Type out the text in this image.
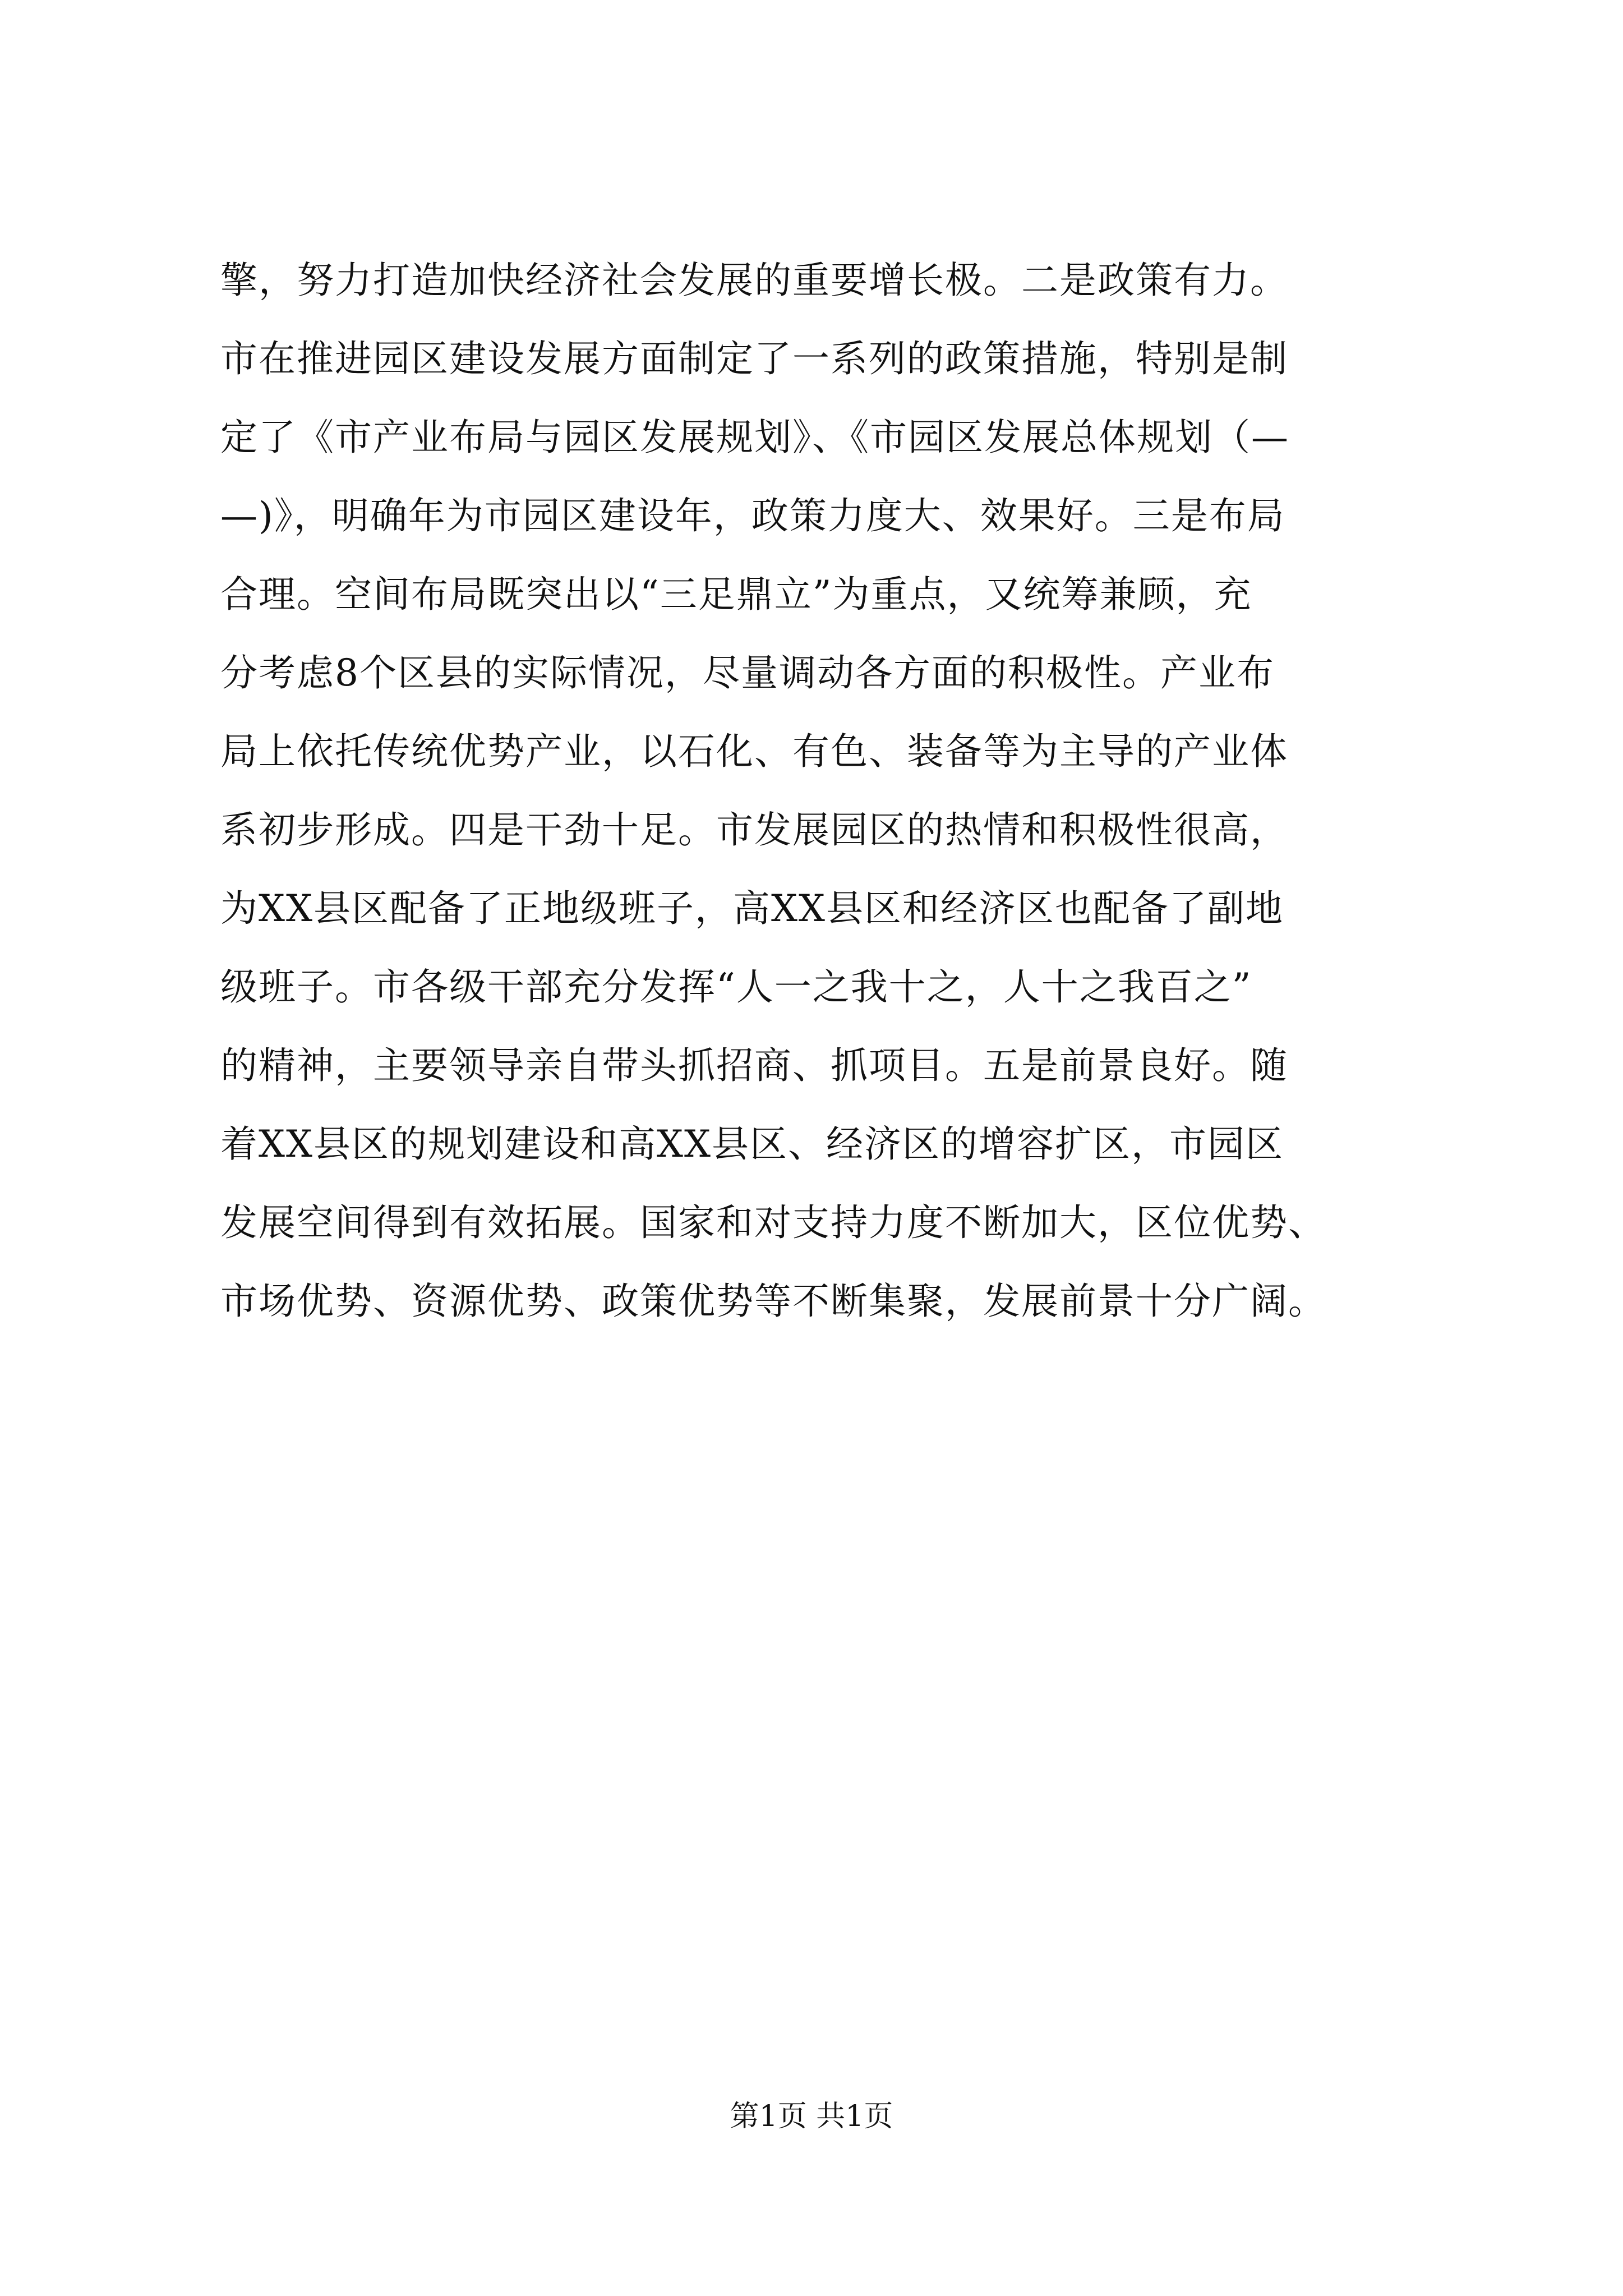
擎，努力打造加快经济社会发展的重要增长极。二是政策有力。
市在推进园区建设发展方面制定了一系列的政策措施，特别是制
定了《市产业布局与园区发展规划》、《市园区发展总体规划（—
—)》，明确年为市园区建设年，政策力度大、效果好。三是布局
合理。空间布局既突出以“三足鼎立”为重点，又统筹兼顾，充
分考虑8个区县的实际情况，尽量调动各方面的积极性。产业布
局上依托传统优势产业，以石化、有色、装备等为主导的产业体
系初步形成。四是干劲十足。市发展园区的热情和积极性很高，
为XX县区配备了正地级班子，高XX县区和经济区也配备了副地
级班子。市各级干部充分发挥“人一之我十之，人十之我百之”
的精神，主要领导亲自带头抓招商、抓项目。五是前景良好。随
着XX县区的规划建设和高XX县区、经济区的增容扩区，市园区
发展空间得到有效拓展。国家和对支持力度不断加大，区位优势、
市场优势、资源优势、政策优势等不断集聚，发展前景十分广阔。
第1页 共1页
